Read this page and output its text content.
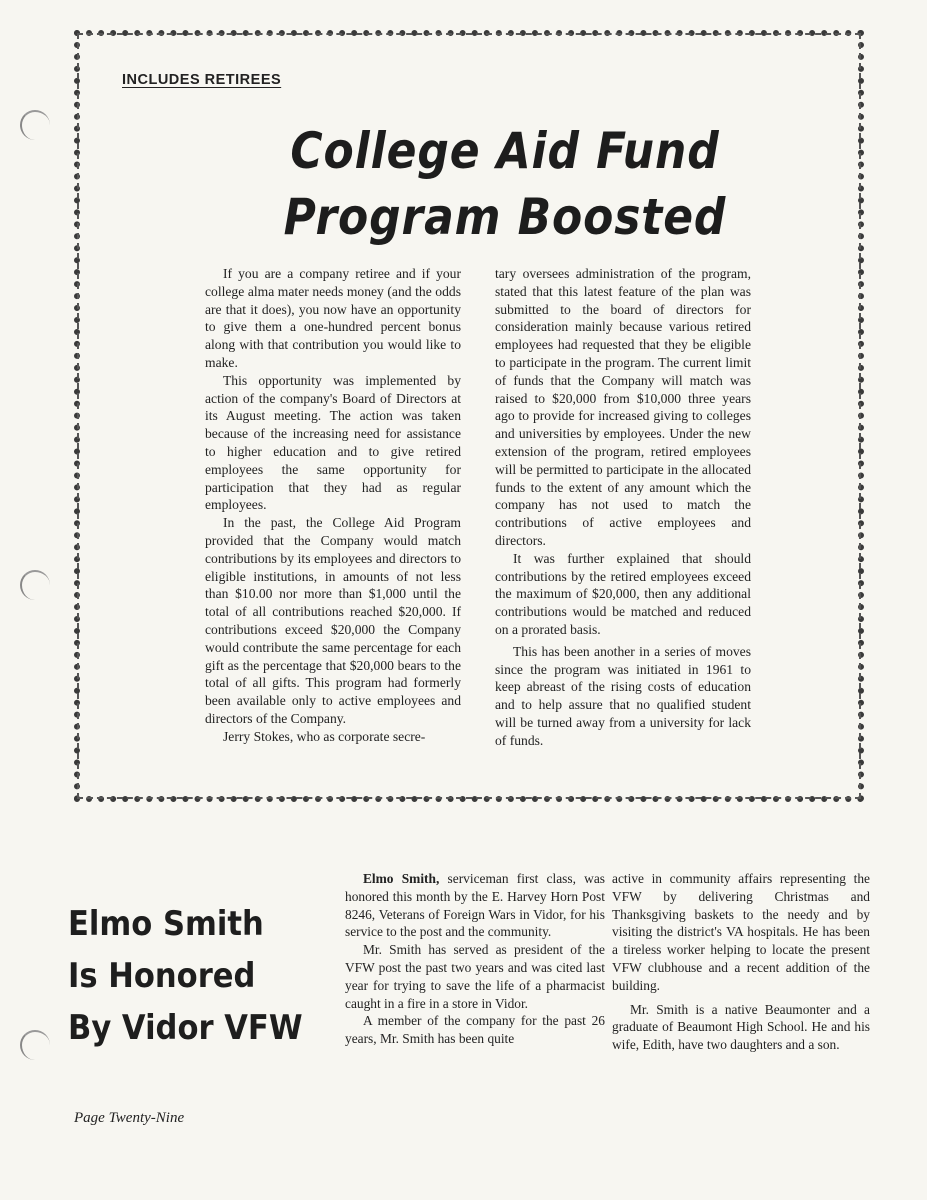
INCLUDES RETIREES
College Aid Fund
Program Boosted

If you are a company retiree and if your college alma mater needs money (and the odds are that it does), you now have an opportunity to give them a one-hundred percent bonus along with that contribution you would like to make.

This opportunity was implemented by action of the company's Board of Directors at its August meeting. The action was taken because of the increasing need for assistance to higher education and to give retired employees the same opportunity for participation that they had as regular employees.

In the past, the College Aid Program provided that the Company would match contributions by its employees and directors to eligible institutions, in amounts of not less than $10.00 nor more than $1,000 until the total of all contributions reached $20,000. If contributions exceed $20,000 the Company would contribute the same percentage for each gift as the percentage that $20,000 bears to the total of all gifts. This program had formerly been available only to active employees and directors of the Company.

Jerry Stokes, who as corporate secre-

tary oversees administration of the program, stated that this latest feature of the plan was submitted to the board of directors for consideration mainly because various retired employees had requested that they be eligible to participate in the program. The current limit of funds that the Company will match was raised to $20,000 from $10,000 three years ago to provide for increased giving to colleges and universities by employees. Under the new extension of the program, retired employees will be permitted to participate in the allocated funds to the extent of any amount which the company has not used to match the contributions of active employees and directors.

It was further explained that should contributions by the retired employees exceed the maximum of $20,000, then any additional contributions would be matched and reduced on a prorated basis.

This has been another in a series of moves since the program was initiated in 1961 to keep abreast of the rising costs of education and to help assure that no qualified student will be turned away from a university for lack of funds.

Elmo Smith
Is Honored
By Vidor VFW

Elmo Smith, serviceman first class, was honored this month by the E. Harvey Horn Post 8246, Veterans of Foreign Wars in Vidor, for his service to the post and the community.

Mr. Smith has served as president of the VFW post the past two years and was cited last year for trying to save the life of a pharmacist caught in a fire in a store in Vidor.

A member of the company for the past 26 years, Mr. Smith has been quite

active in community affairs representing the VFW by delivering Christmas and Thanksgiving baskets to the needy and by visiting the district's VA hospitals. He has been a tireless worker helping to locate the present VFW clubhouse and a recent addition of the building.

Mr. Smith is a native Beaumonter and a graduate of Beaumont High School. He and his wife, Edith, have two daughters and a son.

Page Twenty-Nine
